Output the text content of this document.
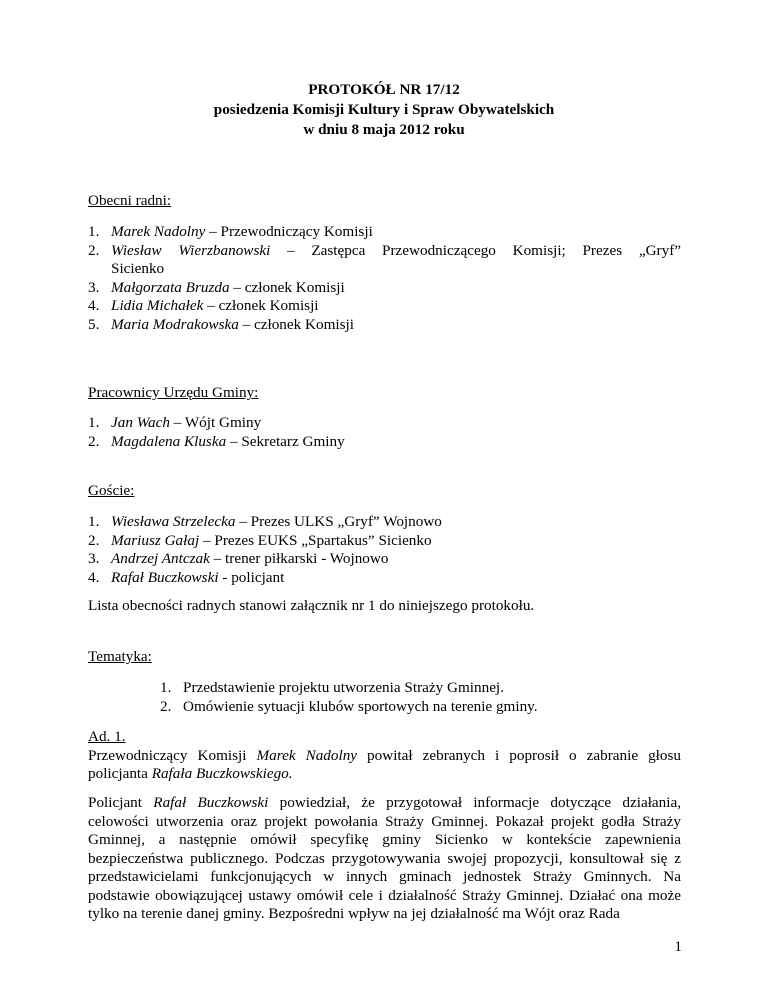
PROTOKÓŁ NR 17/12
posiedzenia Komisji Kultury i Spraw Obywatelskich
w dniu 8 maja 2012 roku
Obecni radni:
1. Marek Nadolny – Przewodniczący Komisji
2. Wiesław Wierzbanowski – Zastępca Przewodniczącego Komisji; Prezes „Gryf”
Sicienko
3. Małgorzata Bruzda – członek Komisji
4. Lidia Michałek – członek Komisji
5. Maria Modrakowska – członek Komisji
Pracownicy Urzędu Gminy:
1. Jan Wach – Wójt Gminy
2. Magdalena Kluska – Sekretarz Gminy
Goście:
1. Wiesława Strzelecka – Prezes ULKS „Gryf” Wojnowo
2. Mariusz Gałaj – Prezes EUKS „Spartakus” Sicienko
3. Andrzej Antczak – trener piłkarski - Wojnowo
4. Rafał Buczkowski - policjant
Lista obecności radnych stanowi załącznik nr 1 do niniejszego protokołu.
Tematyka:
1. Przedstawienie projektu utworzenia Straży Gminnej.
2. Omówienie sytuacji klubów sportowych na terenie gminy.
Ad. 1.
Przewodniczący Komisji Marek Nadolny powitał zebranych i poprosił o zabranie głosu
policjanta Rafała Buczkowskiego.
Policjant Rafał Buczkowski powiedział, że przygotował informacje dotyczące działania, celowości utworzenia oraz projekt powołania Straży Gminnej. Pokazał projekt godła Straży Gminnej, a następnie omówił specyfikę gminy Sicienko w kontekście zapewnienia bezpieczeństwa publicznego. Podczas przygotowywania swojej propozycji, konsultował się z przedstawicielami funkcjonujących w innych gminach jednostek Straży Gminnych. Na podstawie obowiązującej ustawy omówił cele i działalność Straży Gminnej. Działać ona może tylko na terenie danej gminy. Bezpośredni wpływ na jej działalność ma Wójt oraz Rada
1
